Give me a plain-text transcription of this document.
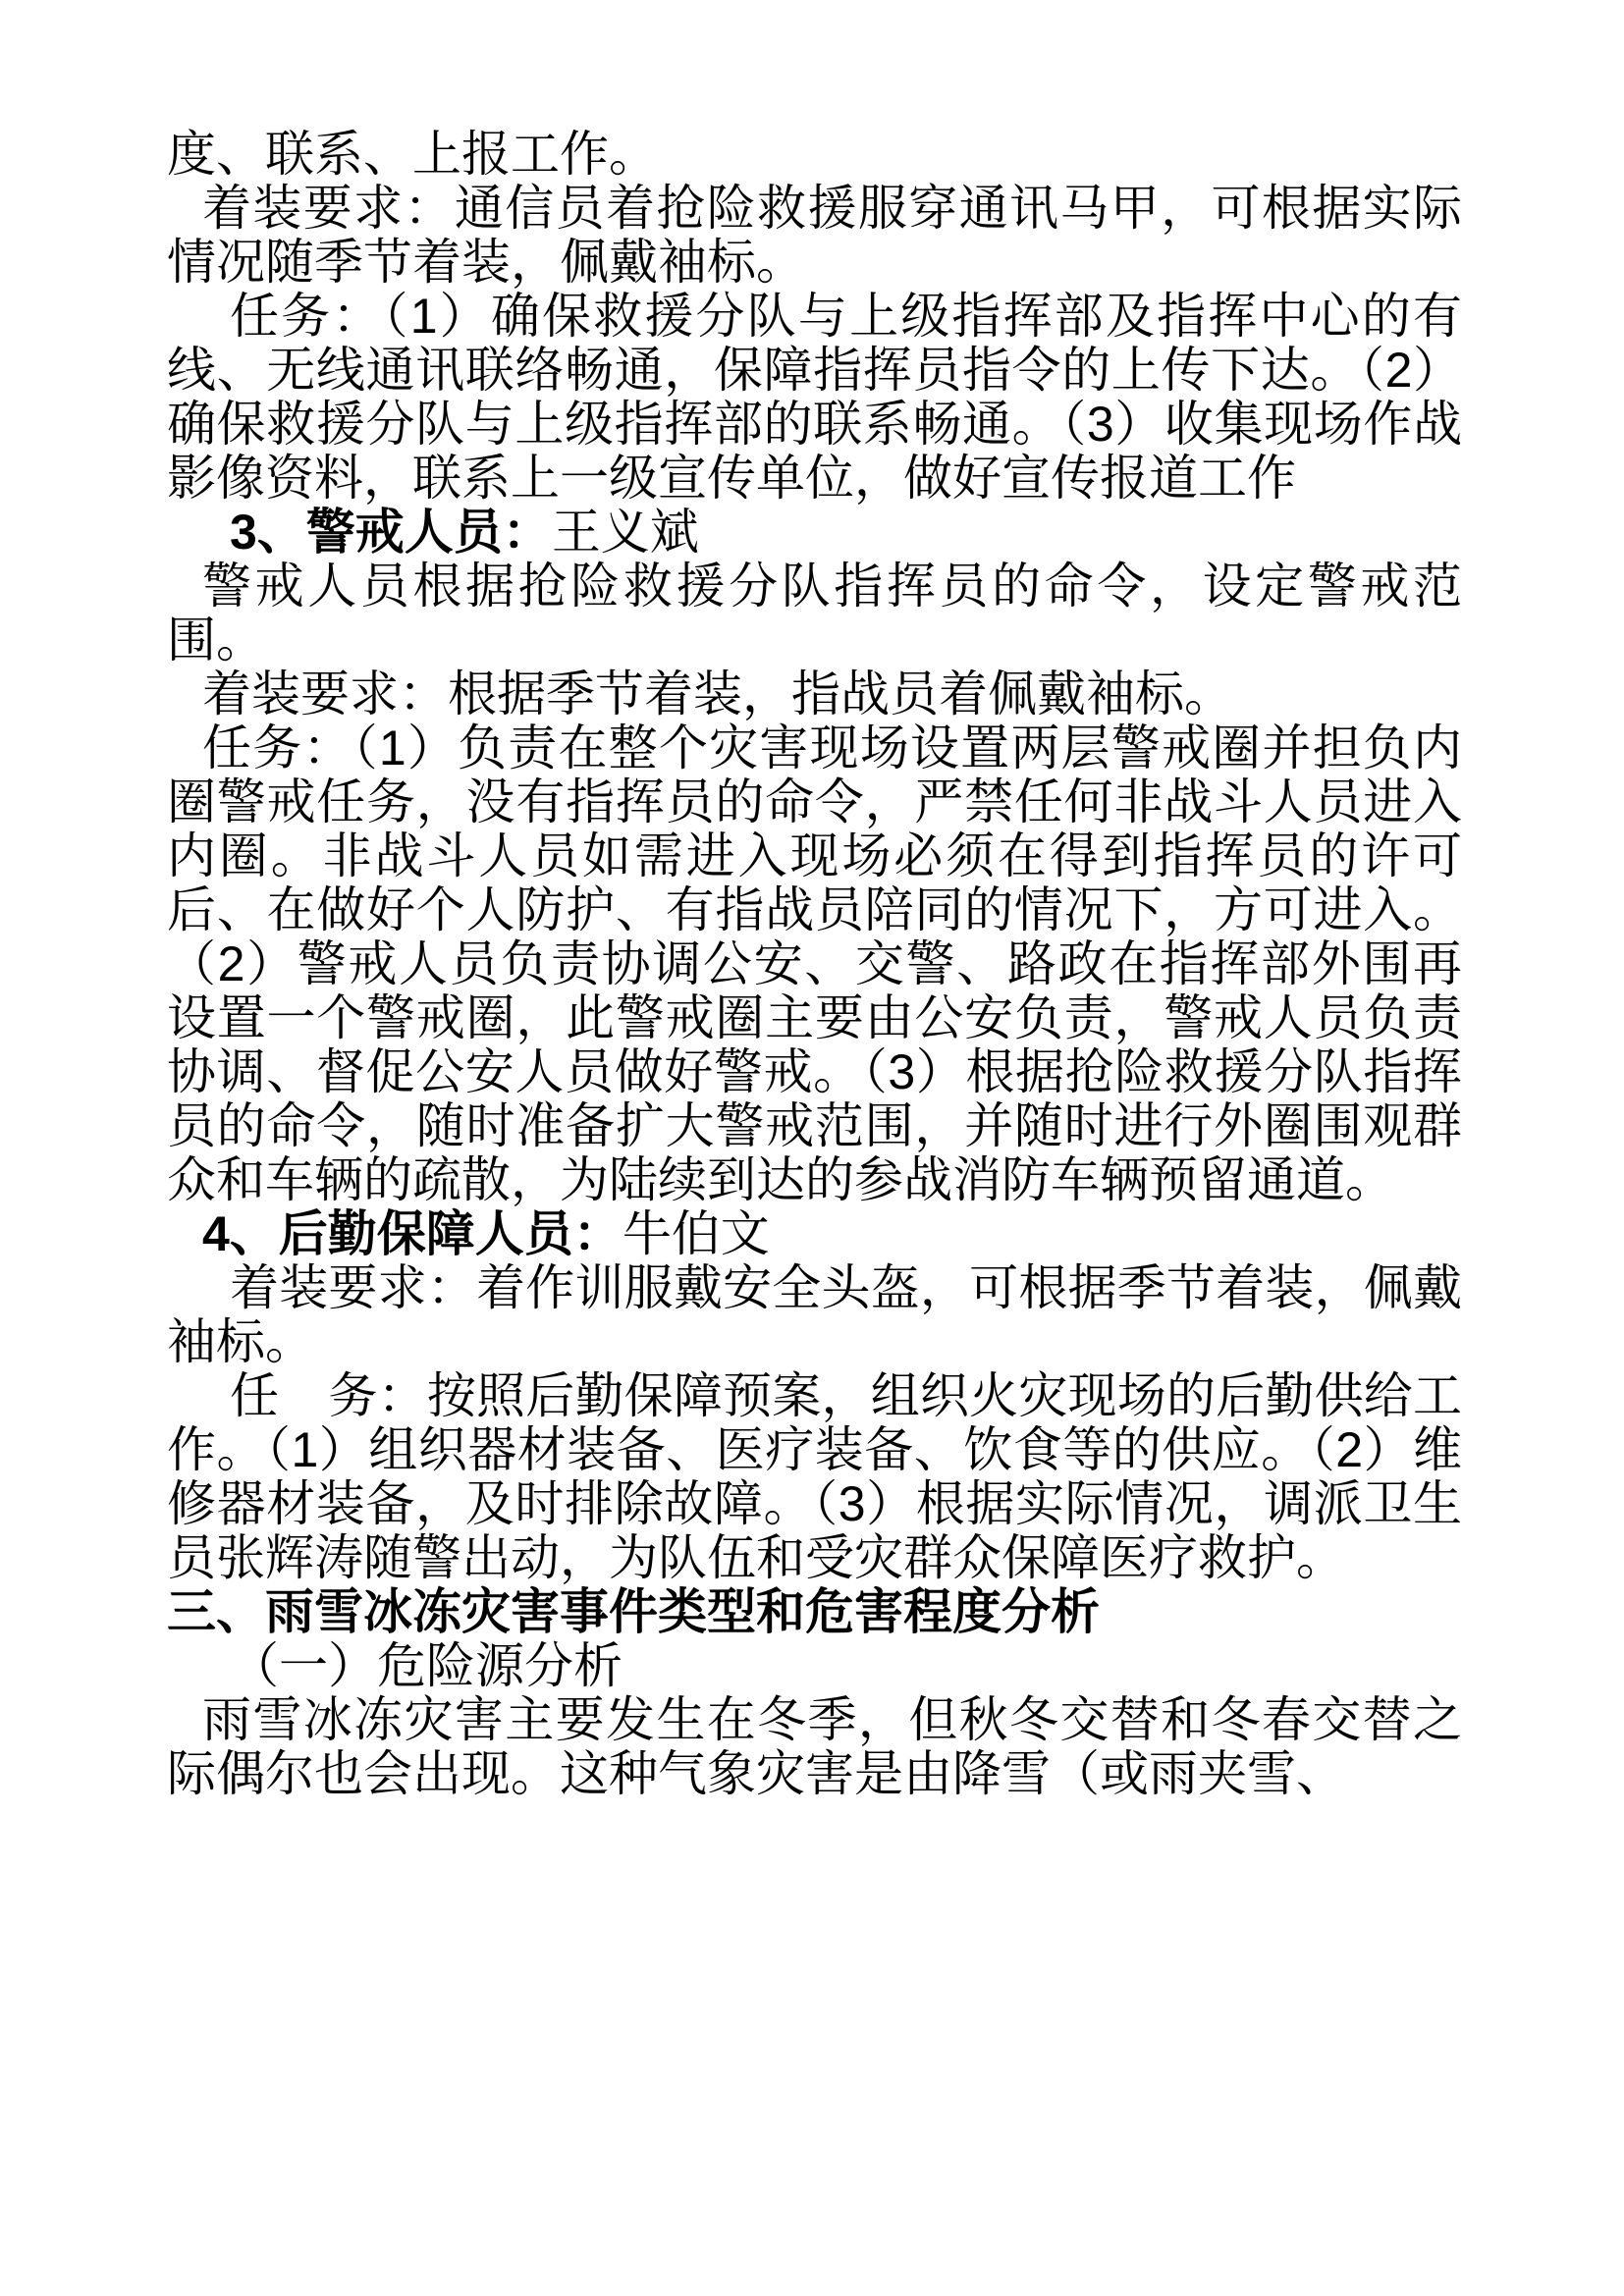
度、联系、上报工作。

着装要求：通信员着抢险救援服穿通讯马甲，可根据实际情况随季节着装，佩戴袖标。

任务：（1）确保救援分队与上级指挥部及指挥中心的有线、无线通讯联络畅通，保障指挥员指令的上传下达。（2）确保救援分队与上级指挥部的联系畅通。（3）收集现场作战影像资料，联系上一级宣传单位，做好宣传报道工作

3、警戒人员：王义斌

警戒人员根据抢险救援分队指挥员的命令，设定警戒范围。

着装要求：根据季节着装，指战员着佩戴袖标。

任务：（1）负责在整个灾害现场设置两层警戒圈并担负内圈警戒任务，没有指挥员的命令，严禁任何非战斗人员进入内圈。非战斗人员如需进入现场必须在得到指挥员的许可后、在做好个人防护、有指战员陪同的情况下，方可进入。（2）警戒人员负责协调公安、交警、路政在指挥部外围再设置一个警戒圈，此警戒圈主要由公安负责，警戒人员负责协调、督促公安人员做好警戒。（3）根据抢险救援分队指挥员的命令，随时准备扩大警戒范围，并随时进行外圈围观群众和车辆的疏散，为陆续到达的参战消防车辆预留通道。

4、后勤保障人员：牛伯文

着装要求：着作训服戴安全头盔，可根据季节着装，佩戴袖标。

任　务：按照后勤保障预案，组织火灾现场的后勤供给工作。（1）组织器材装备、医疗装备、饮食等的供应。（2）维修器材装备，及时排除故障。（3）根据实际情况，调派卫生员张辉涛随警出动，为队伍和受灾群众保障医疗救护。

三、雨雪冰冻灾害事件类型和危害程度分析

（一）危险源分析

雨雪冰冻灾害主要发生在冬季，但秋冬交替和冬春交替之际偶尔也会出现。这种气象灾害是由降雪（或雨夹雪、
